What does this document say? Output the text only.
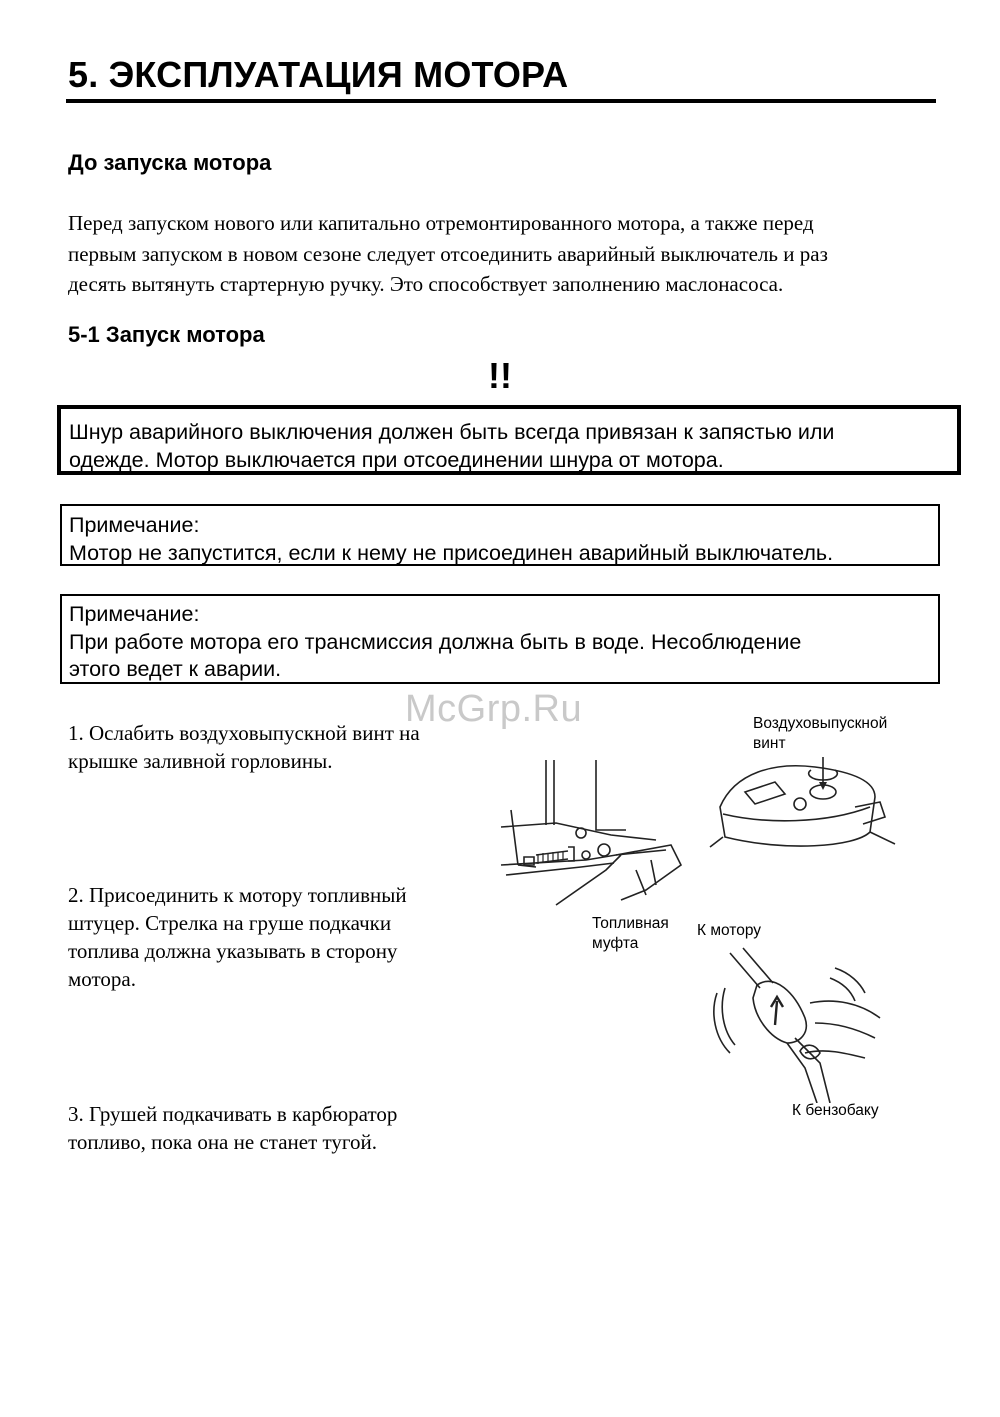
5. ЭКСПЛУАТАЦИЯ МОТОРА
До запуска мотора

Перед запуском нового или капитально отремонтированного мотора, а также перед
первым запуском в новом сезоне следует отсоединить аварийный выключатель и раз
десять вытянуть стартерную ручку. Это способствует заполнению маслонасоса.

5-1 Запуск мотора
!!
Шнур аварийного выключения должен быть всегда привязан к запястью или
одежде. Мотор выключается при отсоединении шнура от мотора.
Примечание:
Мотор не запустится, если к нему не присоединен аварийный выключатель.
Примечание:
При работе мотора его трансмиссия должна быть в воде. Несоблюдение
этого ведет к аварии.

1. Ослабить воздуховыпускной винт на
крышке заливной горловины.

2. Присоединить к мотору топливный
штуцер. Стрелка на груше подкачки
топлива должна указывать в сторону
мотора.

3. Грушей подкачивать в карбюратор
топливо, пока она не станет тугой.

McGrp.Ru	Воздуховыпускной
винт
Топливная
муфта
К мотору
К бензобаку
